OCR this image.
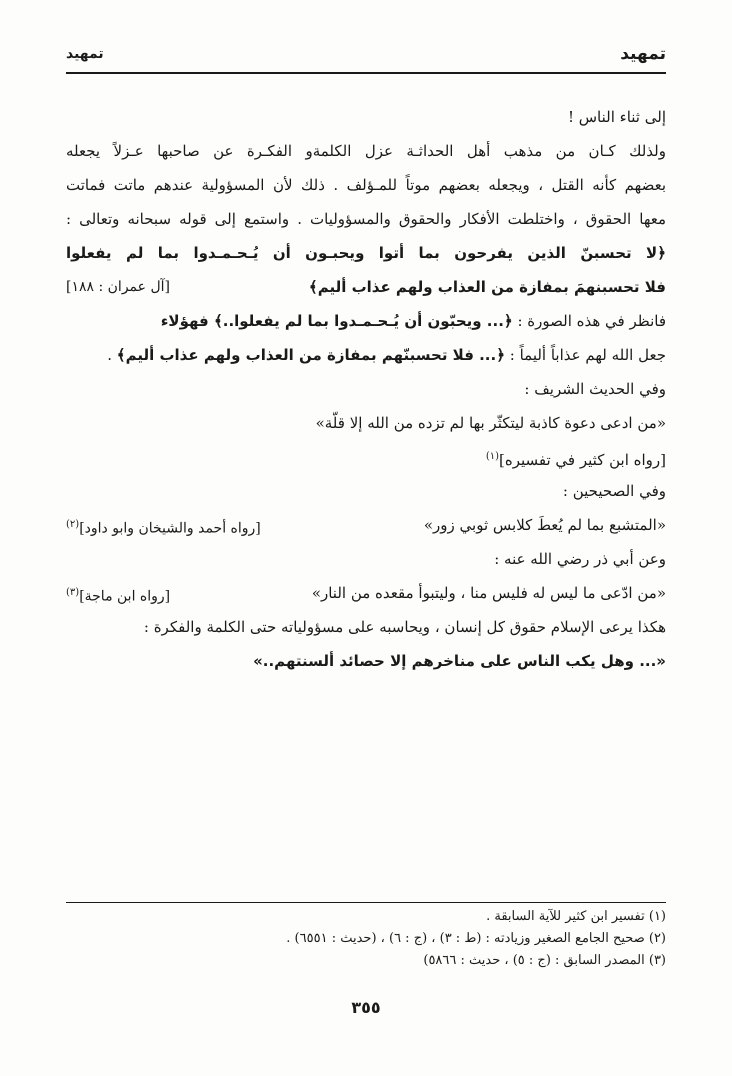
تمهيد
تمهيد
إلى ثناء الناس !
ولذلك كـان من مذهب أهل الحداثـة عزل الكلمةو الفكـرة عن صاحبها عـزلاً يجعله
بعضهم كأنه القتل ، ويجعله بعضهم موتاً للمـؤلف . ذلك لأن المسؤولية عندهم ماتت فماتت
معها الحقوق ، واختلطت الأفكار والحقوق والمسؤوليات . واستمع إلى قوله سبحانه وتعالى :
﴿لا تحسبنّ الذين يفرحون بما أتوا ويحبـون أن يُـحـمـدوا بما لم يفعلوا
فلا تحسبنهمَ بمفازة من العذاب ولهم عذاب أليم﴾
[آل عمران : ١٨٨]
فانظر في هذه الصورة : ﴿... ويحبّون أن يُـحـمـدوا بما لم يفعلوا..﴾ فهؤلاء
جعل الله لهم عذاباً أليماً : ﴿... فلا تحسبنّهم بمفازة من العذاب ولهم عذاب أليم﴾ .
وفي الحديث الشريف :
«من ادعى دعوة كاذبة ليتكثّر بها لم تزده من الله إلا قلّة»
[رواه ابن كثير في تفسيره]$^{(١)}$
وفي الصحيحين :
«المتشبع بما لم يُعطَ كلابس ثوبي زور»
[رواه أحمد والشيخان وابو داود]$^{(٢)}$
وعن أبي ذر رضي الله عنه :
«من ادّعى ما ليس له فليس منا ، وليتبوأ مقعده من النار»
[رواه ابن ماجة]$^{(٣)}$
هكذا يرعى الإسلام حقوق كل إنسان ، ويحاسبه على مسؤولياته حتى الكلمة والفكرة :
«... وهل يكب الناس على مناخرهم إلا حصائد ألسنتهم..»
(١) تفسير ابن كثير للآية السابقة .
(٢) صحيح الجامع الصغير وزيادته : (ط : ٣) ، (ج : ٦) ، (حديث : ٦٥٥١) .
(٣) المصدر السابق : (ج : ٥) ، حديث : ٥٨٦٦)
٣٥٥
